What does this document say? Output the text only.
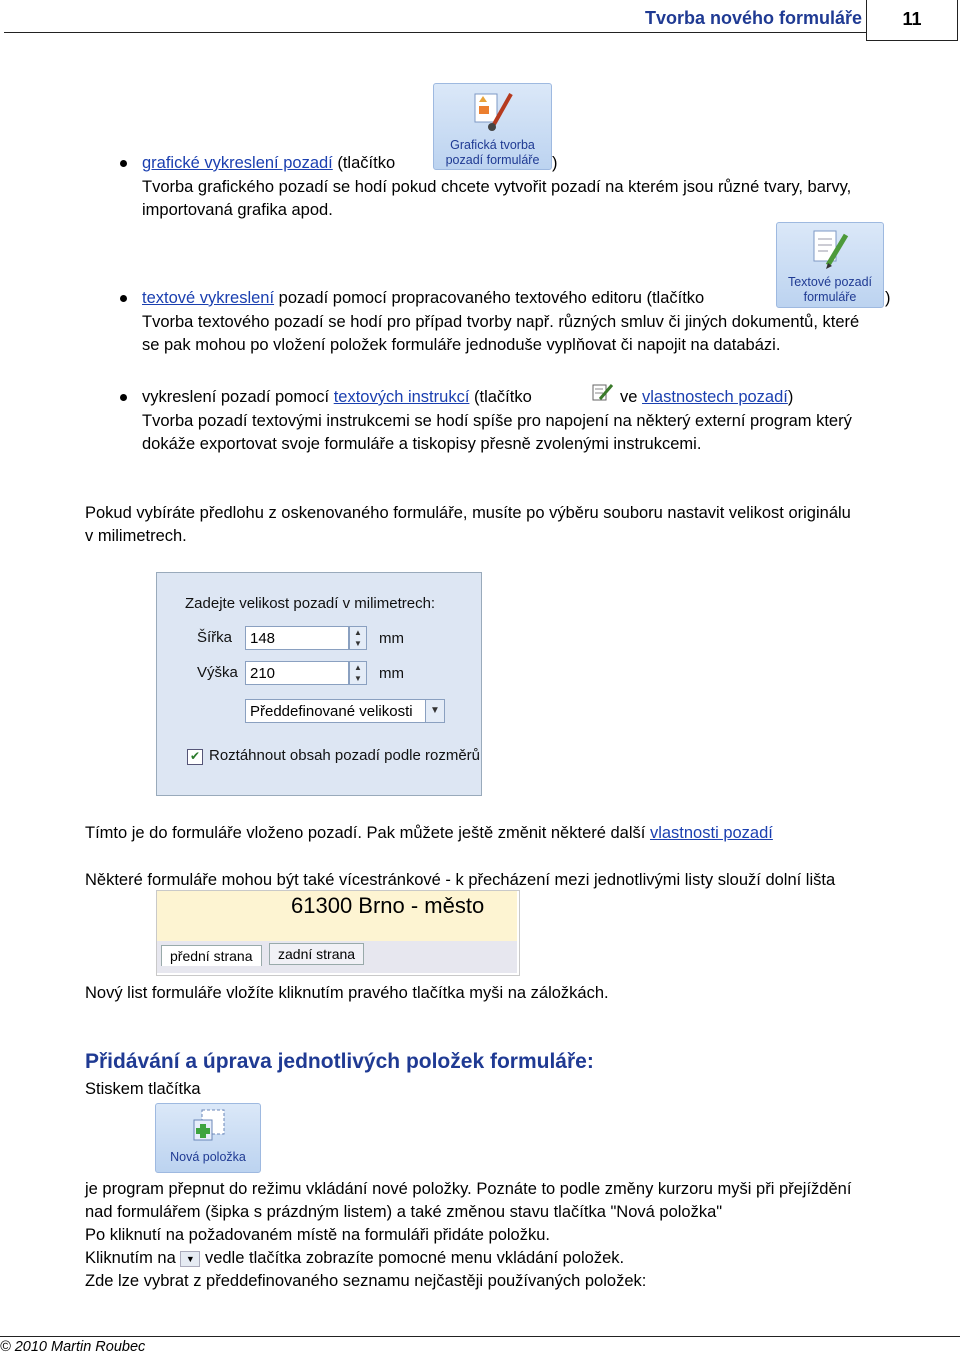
Tvorba nového formuláře	11
grafické vykreslení pozadí (tlačítko
Grafická tvorba
pozadí formuláře )
Tvorba grafického pozadí se hodí pokud chcete vytvořit pozadí na kterém jsou různé tvary, barvy,
importovaná grafika apod.
textové vykreslení pozadí pomocí propracovaného textového editoru (tlačítko
Textové pozadí
formuláře	)
Tvorba textového pozadí se hodí pro případ tvorby např. různých smluv či jiných dokumentů, které
se pak mohou po vložení položek formuláře jednoduše vyplňovat či napojit na databázi.
vykreslení pozadí pomocí textových instrukcí (tlačítko	ve vlastnostech pozadí)
Tvorba pozadí textovými instrukcemi se hodí spíše pro napojení na některý externí program který
dokáže exportovat svoje formuláře a tiskopisy přesně zvolenými instrukcemi.
Pokud vybíráte předlohu z oskenovaného formuláře, musíte po výběru souboru nastavit velikost originálu
v milimetrech.
Zadejte velikost pozadí v milimetrech:
Šířka	148	▲
▼	mm
Výška 210	▲
▼	mm
Předdefinované velikosti	▼
✔ Roztáhnout obsah pozadí podle rozměrů
Tímto je do formuláře vloženo pozadí. Pak můžete ještě změnit některé další vlastnosti pozadí
Některé formuláře mohou být také vícestránkové - k přecházení mezi jednotlivými listy slouží dolní lišta
61300 Brno - město
přední strana	zadní strana
Nový list formuláře vložíte kliknutím pravého tlačítka myši na záložkách.
Přidávání a úprava jednotlivých položek formuláře:
Stiskem tlačítka
Nová položka
je program přepnut do režimu vkládání nové položky. Poznáte to podle změny kurzoru myši při přejíždění
nad formulářem (šipka s prázdným listem) a také změnou stavu tlačítka "Nová položka"
Po kliknutí na požadovaném místě na formuláři přidáte položku.
Kliknutím na ▼ vedle tlačítka zobrazíte pomocné menu vkládání položek.
Zde lze vybrat z předdefinovaného seznamu nejčastěji používaných položek:
© 2010 Martin Roubec
